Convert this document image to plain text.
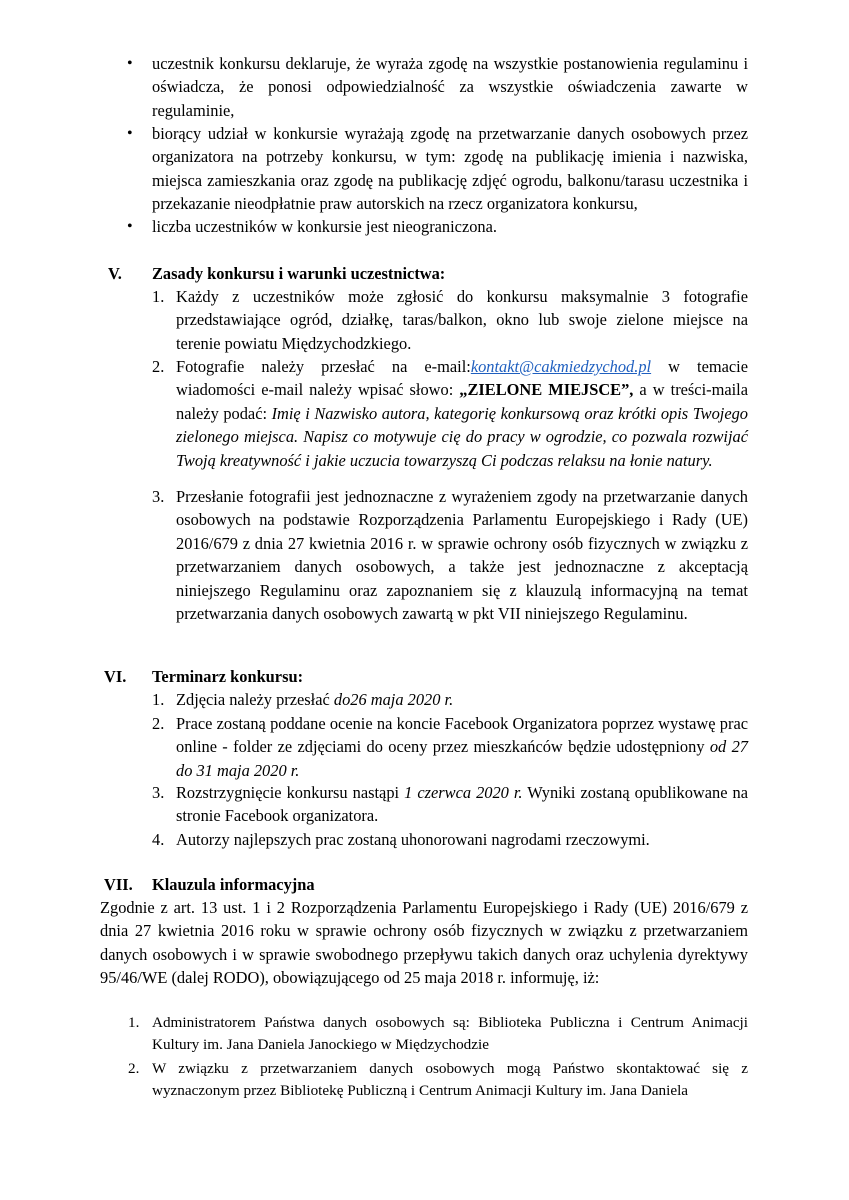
• uczestnik konkursu deklaruje, że wyraża zgodę na wszystkie postanowienia regulaminu i oświadcza, że ponosi odpowiedzialność za wszystkie oświadczenia zawarte w regulaminie,
• biorący udział w konkursie wyrażają zgodę na przetwarzanie danych osobowych przez organizatora na potrzeby konkursu, w tym: zgodę na publikację imienia i nazwiska, miejsca zamieszkania oraz zgodę na publikację zdjęć ogrodu, balkonu/tarasu uczestnika i przekazanie nieodpłatnie praw autorskich na rzecz organizatora konkursu,
• liczba uczestników w konkursie jest nieograniczona.
V. Zasady konkursu i warunki uczestnictwa:
1. Każdy z uczestników może zgłosić do konkursu maksymalnie 3 fotografie przedstawiające ogród, działkę, taras/balkon, okno lub swoje zielone miejsce na terenie powiatu Międzychodzkiego.
2. Fotografie należy przesłać na e-mail:kontakt@cakmiedzychod.pl w temacie wiadomości e-mail należy wpisać słowo: „ZIELONE MIEJSCE”, a w treści-maila należy podać: Imię i Nazwisko autora, kategorię konkursową oraz krótki opis Twojego zielonego miejsca. Napisz co motywuje cię do pracy w ogrodzie, co pozwala rozwijać Twoją kreatywność i jakie uczucia towarzyszą Ci podczas relaksu na łonie natury.
3. Przesłanie fotografii jest jednoznaczne z wyrażeniem zgody na przetwarzanie danych osobowych na podstawie Rozporządzenia Parlamentu Europejskiego i Rady (UE) 2016/679 z dnia 27 kwietnia 2016 r. w sprawie ochrony osób fizycznych w związku z przetwarzaniem danych osobowych, a także jest jednoznaczne z akceptacją niniejszego Regulaminu oraz zapoznaniem się z klauzulą informacyjną na temat przetwarzania danych osobowych zawartą w pkt VII niniejszego Regulaminu.
VI. Terminarz konkursu:
1. Zdjęcia należy przesłać do26 maja 2020 r.
2. Prace zostaną poddane ocenie na koncie Facebook Organizatora poprzez wystawę prac online - folder ze zdjęciami do oceny przez mieszkańców będzie udostępniony od 27 do 31 maja 2020 r.
3. Rozstrzygnięcie konkursu nastąpi 1 czerwca 2020 r. Wyniki zostaną opublikowane na stronie Facebook organizatora.
4. Autorzy najlepszych prac zostaną uhonorowani nagrodami rzeczowymi.
VII. Klauzula informacyjna
Zgodnie z art. 13 ust. 1 i 2 Rozporządzenia Parlamentu Europejskiego i Rady (UE) 2016/679 z dnia 27 kwietnia 2016 roku w sprawie ochrony osób fizycznych w związku z przetwarzaniem danych osobowych i w sprawie swobodnego przepływu takich danych oraz uchylenia dyrektywy 95/46/WE (dalej RODO), obowiązującego od 25 maja 2018 r. informuję, iż:
1. Administratorem Państwa danych osobowych są: Biblioteka Publiczna i Centrum Animacji Kultury im. Jana Daniela Janockiego w Międzychodzie
2. W związku z przetwarzaniem danych osobowych mogą Państwo skontaktować się z wyznaczonym przez Bibliotekę Publiczną i Centrum Animacji Kultury im. Jana Daniela
